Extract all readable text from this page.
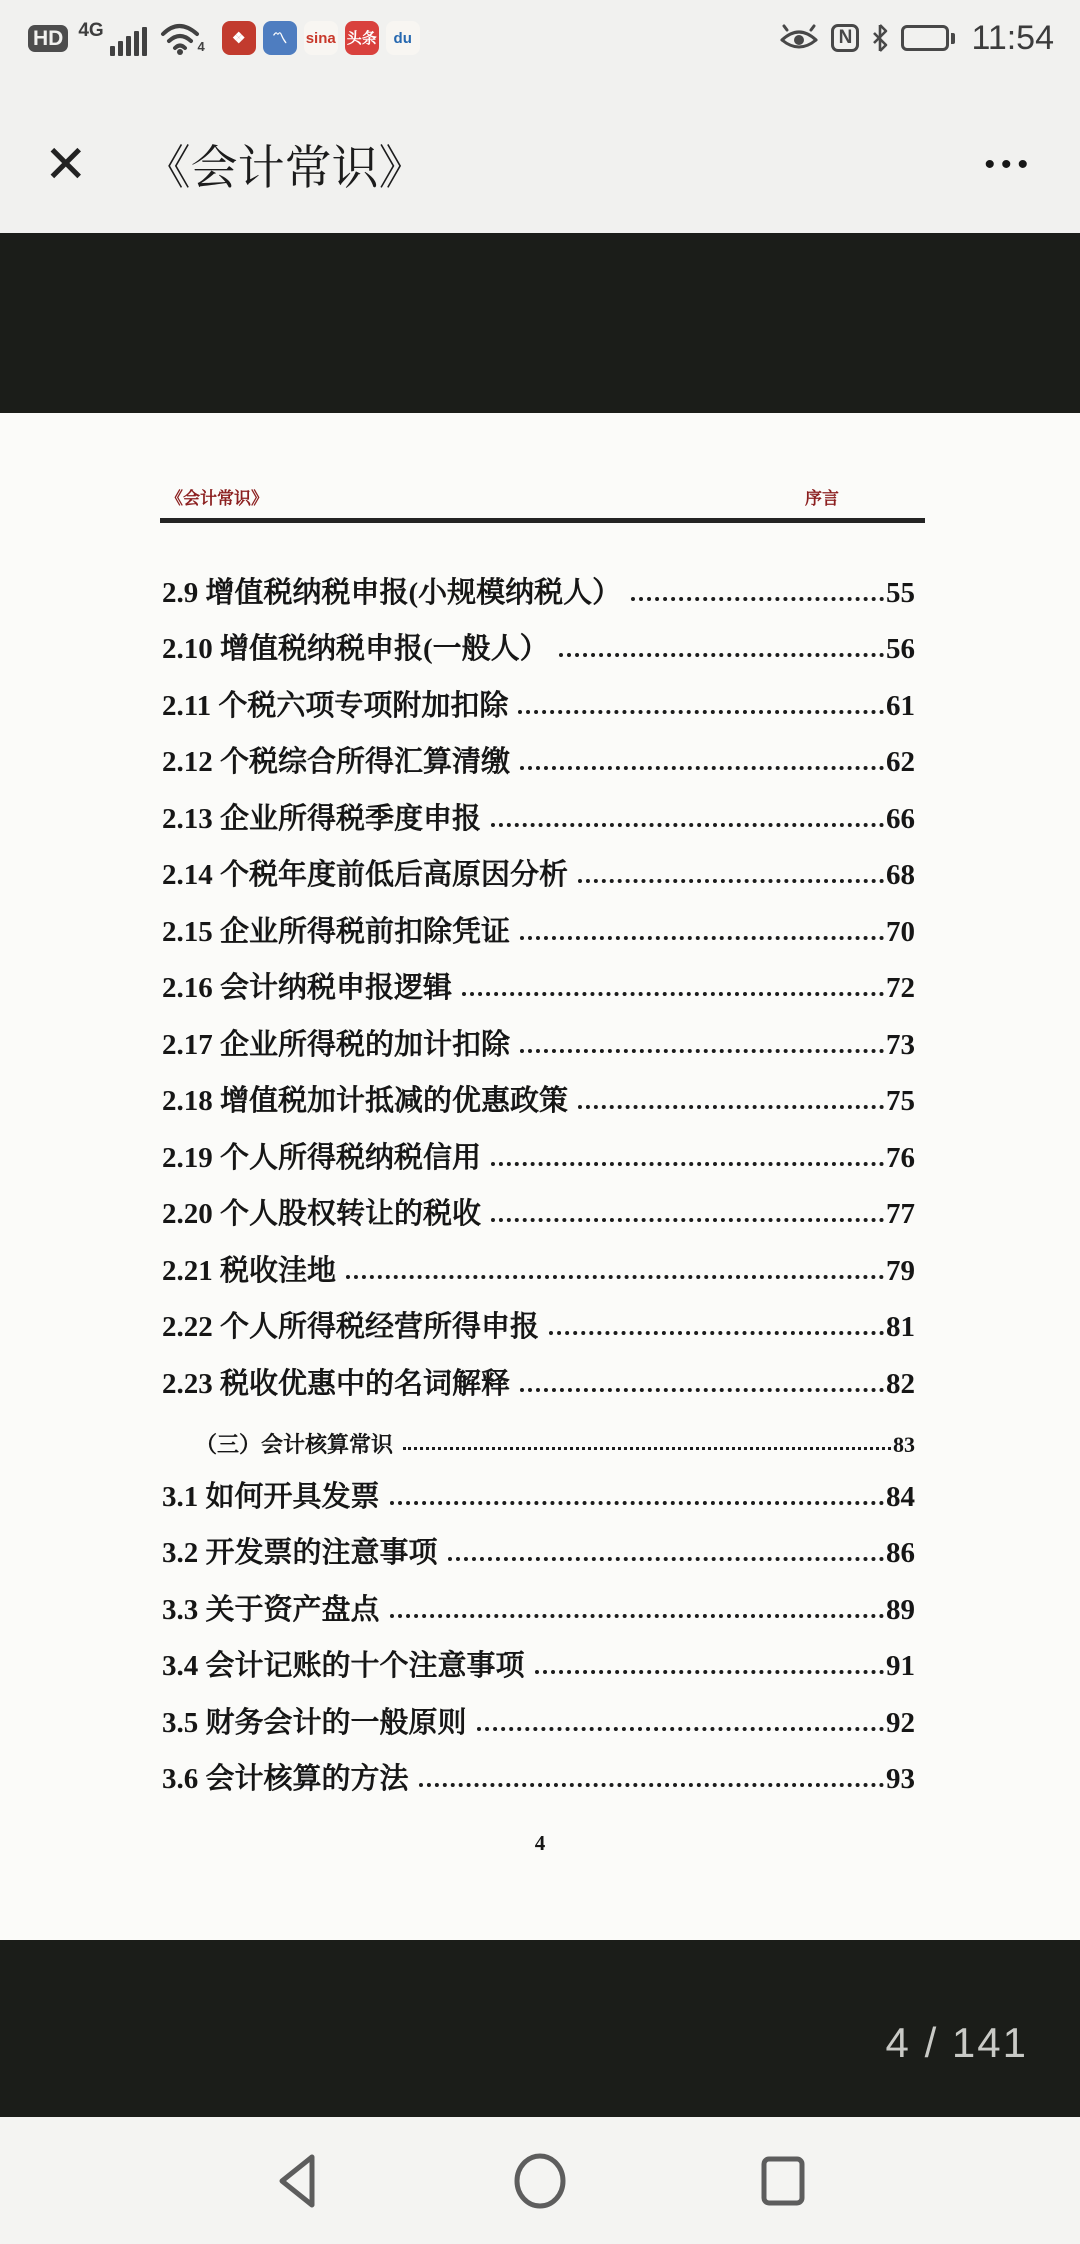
HD 4G
4 ❖ 〽 sina 头条 du	N	11:54
✕ 《会计常识》	•••
《会计常识》	序言
2.9 增值税纳税申报(小规模纳税人）	55
2.10 增值税纳税申报(一般人）	56
2.11 个税六项专项附加扣除	61
2.12 个税综合所得汇算清缴	62
2.13 企业所得税季度申报	66
2.14 个税年度前低后高原因分析	68
2.15 企业所得税前扣除凭证	70
2.16 会计纳税申报逻辑	72
2.17 企业所得税的加计扣除	73
2.18 增值税加计抵减的优惠政策	75
2.19 个人所得税纳税信用	76
2.20 个人股权转让的税收	77
2.21 税收洼地	79
2.22 个人所得税经营所得申报	81
2.23 税收优惠中的名词解释	82
（三）会计核算常识	83
3.1 如何开具发票	84
3.2 开发票的注意事项	86
3.3 关于资产盘点	89
3.4 会计记账的十个注意事项	91
3.5 财务会计的一般原则	92
3.6 会计核算的方法	93
4
4 / 141
